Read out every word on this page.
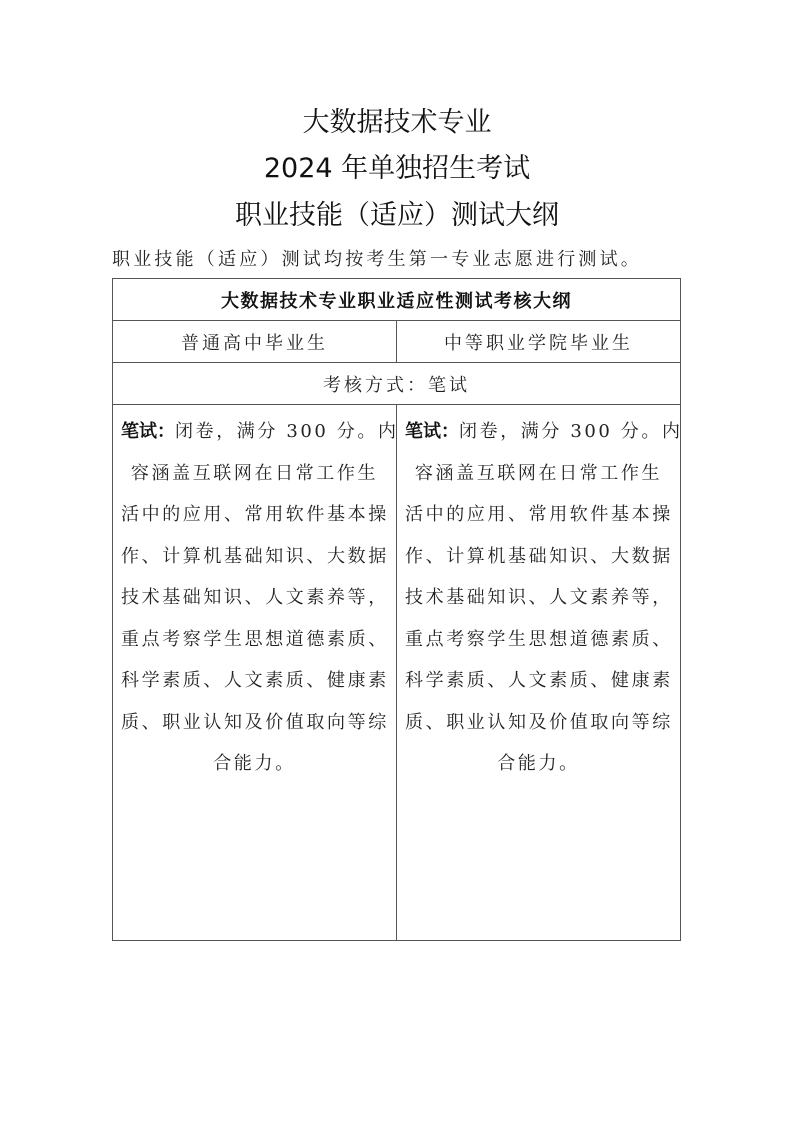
大数据技术专业
2024 年单独招生考试
职业技能（适应）测试大纲
职业技能（适应）测试均按考生第一专业志愿进行测试。
大数据技术专业职业适应性测试考核大纲
普通高中毕业生	中等职业学院毕业生
考核方式：笔试
笔试：闭卷，满分 300 分。内
容涵盖互联网在日常工作生
活中的应用、常用软件基本操
作、计算机基础知识、大数据
技术基础知识、人文素养等，
重点考察学生思想道德素质、
科学素质、人文素质、健康素
质、职业认知及价值取向等综
合能力。
笔试：闭卷，满分 300 分。内
容涵盖互联网在日常工作生
活中的应用、常用软件基本操
作、计算机基础知识、大数据
技术基础知识、人文素养等，
重点考察学生思想道德素质、
科学素质、人文素质、健康素
质、职业认知及价值取向等综
合能力。
